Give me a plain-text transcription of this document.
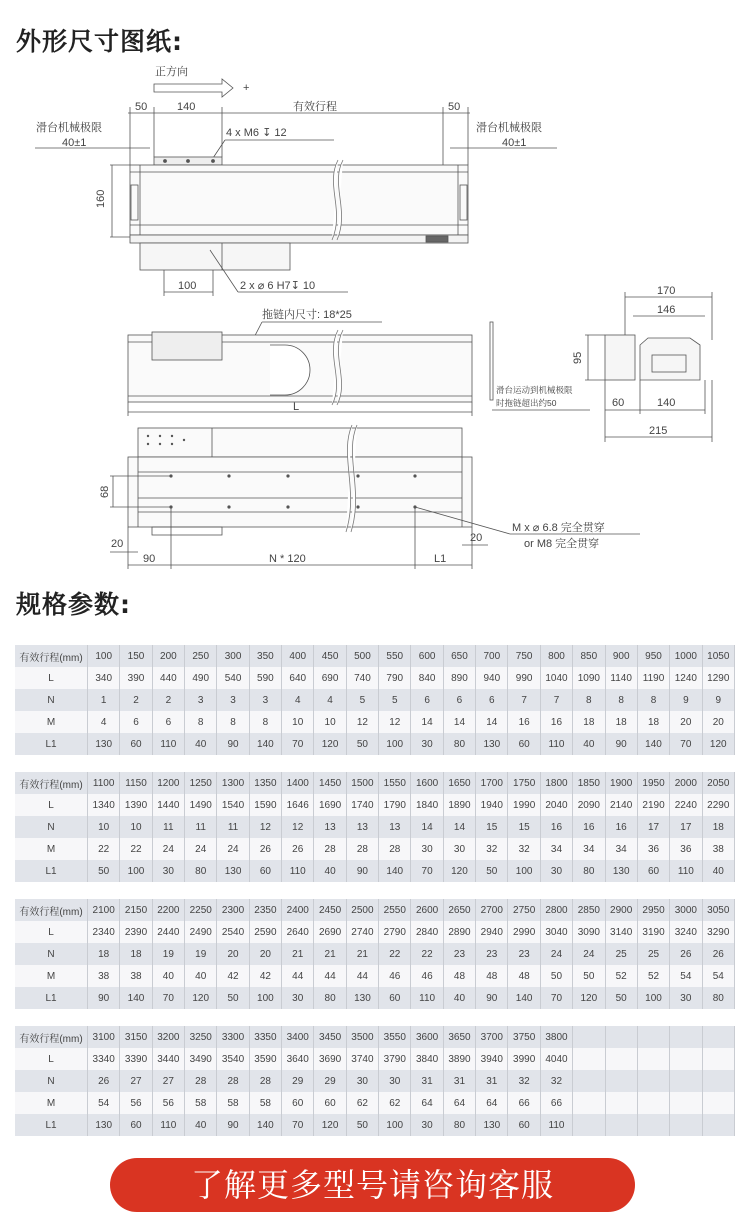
外形尺寸图纸:
正方向
+
50	140	有效行程	50
滑台机械极限
40±1
滑台机械极限
40±1
4 x M6 ↧ 12
160
100	2 x ⌀ 6 H7↧ 10
拖链内尺寸: 18*25
L
滑台运动到机械极限
时拖链超出约50
170
146
95
60	140
215
68
20	20
90	N * 120	L1
M x ⌀ 6.8 完全贯穿
or M8 完全贯穿
规格参数:
有效行程(mm)	100	150	200	250	300	350	400	450	500	550	600	650	700	750	800	850	900	950	1000	1050
L	340	390	440	490	540	590	640	690	740	790	840	890	940	990	1040	1090	1140	1190	1240	1290
N	1	2	2	3	3	3	4	4	5	5	6	6	6	7	7	8	8	8	9	9
M	4	6	6	8	8	8	10	10	12	12	14	14	14	16	16	18	18	18	20	20
L1	130	60	110	40	90	140	70	120	50	100	30	80	130	60	110	40	90	140	70	120
有效行程(mm)	1100	1150	1200	1250	1300	1350	1400	1450	1500	1550	1600	1650	1700	1750	1800	1850	1900	1950	2000	2050
L	1340	1390	1440	1490	1540	1590	1646	1690	1740	1790	1840	1890	1940	1990	2040	2090	2140	2190	2240	2290
N	10	10	11	11	11	12	12	13	13	13	14	14	15	15	16	16	16	17	17	18
M	22	22	24	24	24	26	26	28	28	28	30	30	32	32	34	34	34	36	36	38
L1	50	100	30	80	130	60	110	40	90	140	70	120	50	100	30	80	130	60	110	40
有效行程(mm)	2100	2150	2200	2250	2300	2350	2400	2450	2500	2550	2600	2650	2700	2750	2800	2850	2900	2950	3000	3050
L	2340	2390	2440	2490	2540	2590	2640	2690	2740	2790	2840	2890	2940	2990	3040	3090	3140	3190	3240	3290
N	18	18	19	19	20	20	21	21	21	22	22	23	23	23	24	24	25	25	26	26
M	38	38	40	40	42	42	44	44	44	46	46	48	48	48	50	50	52	52	54	54
L1	90	140	70	120	50	100	30	80	130	60	110	40	90	140	70	120	50	100	30	80
有效行程(mm)	3100	3150	3200	3250	3300	3350	3400	3450	3500	3550	3600	3650	3700	3750	3800					
L	3340	3390	3440	3490	3540	3590	3640	3690	3740	3790	3840	3890	3940	3990	4040					
N	26	27	27	28	28	28	29	29	30	30	31	31	31	32	32					
M	54	56	56	58	58	58	60	60	62	62	64	64	64	66	66					
L1	130	60	110	40	90	140	70	120	50	100	30	80	130	60	110					
了解更多型号请咨询客服
